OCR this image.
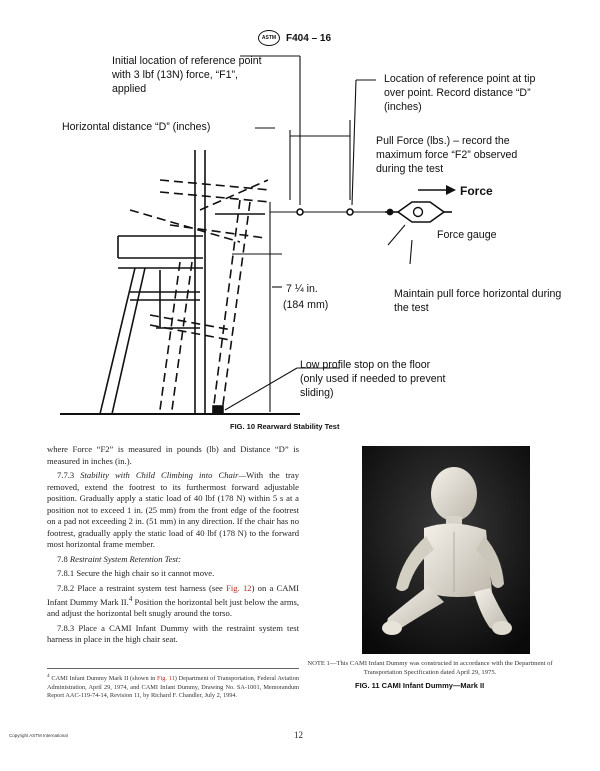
ASTM F404 – 16
Initial location of reference point with 3 lbf (13N) force, “F1”, applied
Horizontal distance “D” (inches)
Location of reference point at tip over point. Record distance “D” (inches)
Pull Force (lbs.) – record the maximum force “F2” observed during the test
Force
Force gauge
7 ¼ in.
(184 mm)
Maintain pull force horizontal during the test
Low profile stop on the floor (only used if needed to prevent sliding)
FIG. 10 Rearward Stability Test

where Force “F2” is measured in pounds (lb) and Distance “D” is measured in inches (in.).

7.7.3 Stability with Child Climbing into Chair—With the tray removed, extend the footrest to its furthermost forward adjustable position. Gradually apply a static load of 40 lbf (178 N) within 5 s at a position not to exceed 1 in. (25 mm) from the front edge of the footrest on a pad not exceeding 2 in. (51 mm) in any direction. If the chair has no footrest, gradually apply the static load of 40 lbf (178 N) to the forward most horizontal frame member.

7.8 Restraint System Retention Test:

7.8.1 Secure the high chair so it cannot move.

7.8.2 Place a restraint system test harness (see Fig. 12) on a CAMI Infant Dummy Mark II.$^4$ Position the horizontal belt just below the arms, and adjust the horizontal belt snugly around the torso.

7.8.3 Place a CAMI Infant Dummy with the restraint system test harness in place in the high chair seat.

$^4$ CAMI Infant Dummy Mark II (shown in Fig. 11) Department of Transportation, Federal Aviation Administration, April 29, 1974, and CAMI Infant Dummy, Drawing No. SA-1001, Memorandum Report AAC-119-74-14, Revision 11, by Richard F. Chandler, July 2, 1994.
NOTE 1—This CAMI Infant Dummy was constructed in accordance with the Department of Transportation Specification dated April 29, 1975.
FIG. 11 CAMI Infant Dummy—Mark II
Copyright ASTM International	12
